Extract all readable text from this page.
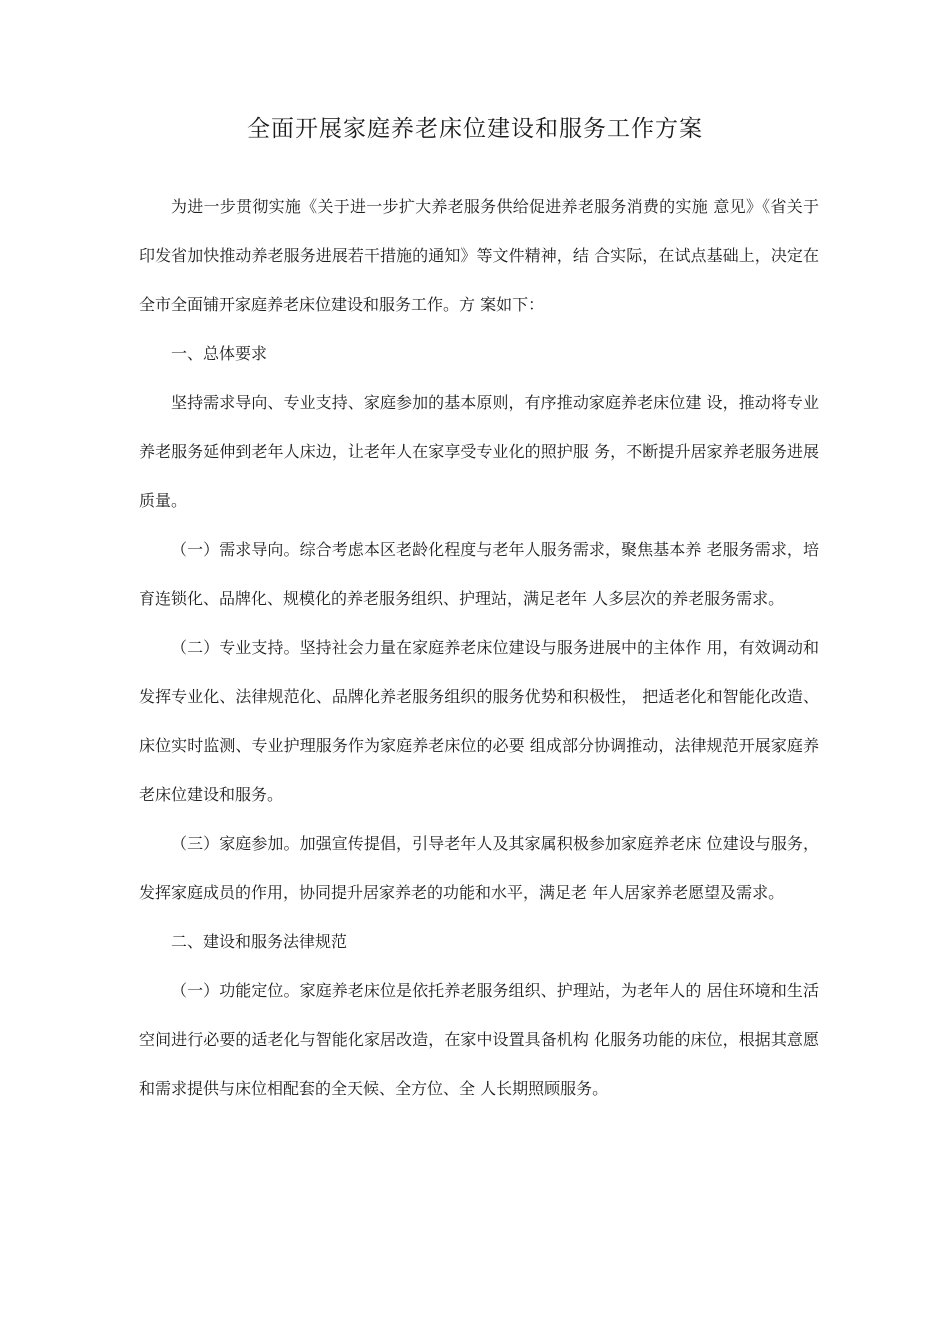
全面开展家庭养老床位建设和服务工作方案

为进一步贯彻实施《关于进一步扩大养老服务供给促进养老服务消费的实施 意见》《省关于印发省加快推动养老服务进展若干措施的通知》等文件精神，结 合实际，在试点基础上，决定在全市全面铺开家庭养老床位建设和服务工作。方 案如下：

一、总体要求

坚持需求导向、专业支持、家庭参加的基本原则，有序推动家庭养老床位建 设，推动将专业养老服务延伸到老年人床边，让老年人在家享受专业化的照护服 务，不断提升居家养老服务进展质量。

（一）需求导向。综合考虑本区老龄化程度与老年人服务需求，聚焦基本养 老服务需求，培育连锁化、品牌化、规模化的养老服务组织、护理站，满足老年 人多层次的养老服务需求。

（二）专业支持。坚持社会力量在家庭养老床位建设与服务进展中的主体作 用，有效调动和发挥专业化、法律规范化、品牌化养老服务组织的服务优势和积极性， 把适老化和智能化改造、床位实时监测、专业护理服务作为家庭养老床位的必要 组成部分协调推动，法律规范开展家庭养老床位建设和服务。

（三）家庭参加。加强宣传提倡，引导老年人及其家属积极参加家庭养老床 位建设与服务，发挥家庭成员的作用，协同提升居家养老的功能和水平，满足老 年人居家养老愿望及需求。

二、建设和服务法律规范

（一）功能定位。家庭养老床位是依托养老服务组织、护理站，为老年人的 居住环境和生活空间进行必要的适老化与智能化家居改造，在家中设置具备机构 化服务功能的床位，根据其意愿和需求提供与床位相配套的全天候、全方位、全 人长期照顾服务。
